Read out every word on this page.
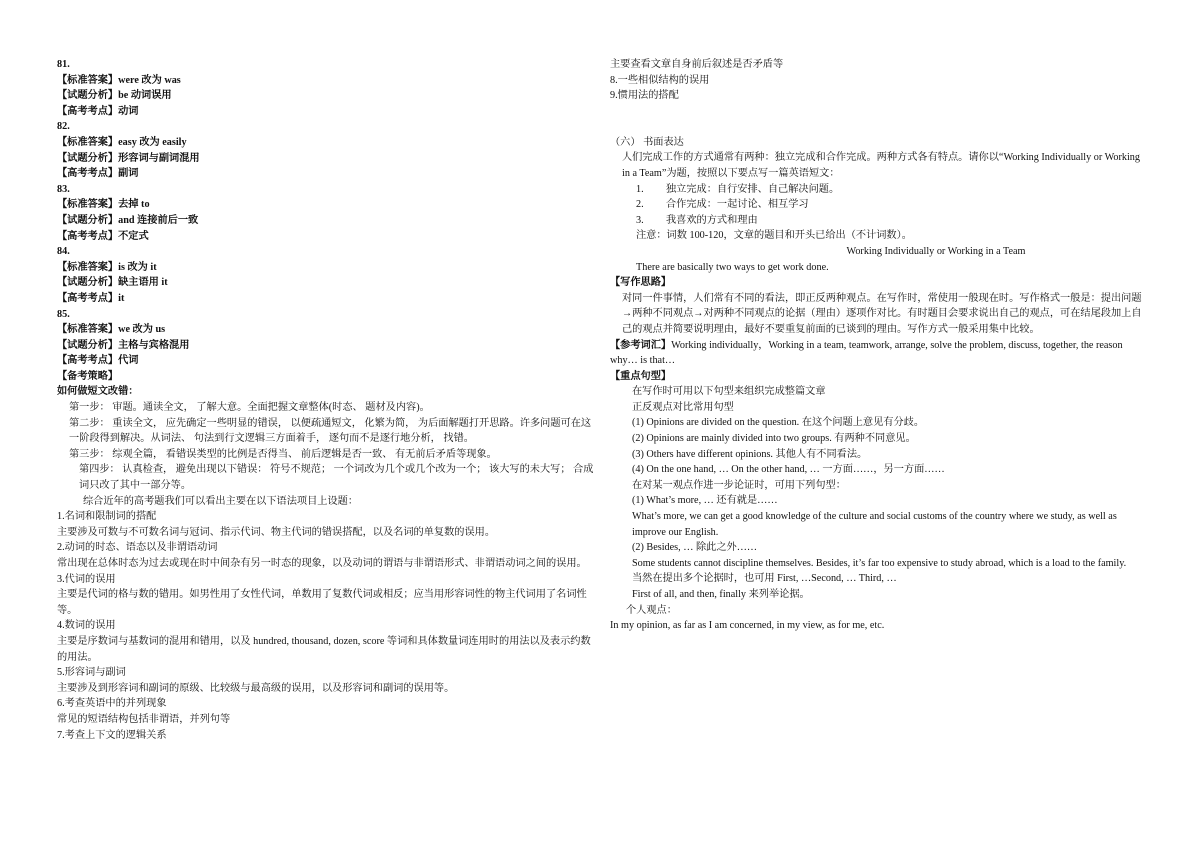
81.
【标准答案】were 改为 was
【试题分析】be 动词误用
【高考考点】动词
82.
【标准答案】easy 改为 easily
【试题分析】形容词与副词混用
【高考考点】副词
83.
【标准答案】去掉 to
【试题分析】and 连接前后一致
【高考考点】不定式
84.
【标准答案】is 改为 it
【试题分析】缺主语用 it
【高考考点】it
85.
【标准答案】we 改为 us
【试题分析】主格与宾格混用
【高考考点】代词
【备考策略】
如何做短文改错：
第一步： 审题。通读全文， 了解大意。全面把握文章整体(时态、 题材及内容)。
第二步： 重读全文， 应先确定一些明显的错误， 以便疏通短文， 化繁为简， 为后面解题打开思路。许多问题可在这一阶段得到解决。从词法、 句法到行文逻辑三方面着手， 逐句而不是逐行地分析， 找错。
第三步： 综观全篇， 看错误类型的比例是否得当、 前后逻辑是否一致、 有无前后矛盾等现象。
第四步： 认真检查， 避免出现以下错误： 符号不规范； 一个词改为几个或几个改为一个； 该大写的未大写； 合成词只改了其中一部分等。
综合近年的高考题我们可以看出主要在以下语法项目上设题：
1.名词和限制词的搭配
主要涉及可数与不可数名词与冠词、指示代词、物主代词的错误搭配，以及名词的单复数的误用。
2.动词的时态、语态以及非谓语动词
常出现在总体时态为过去或现在时中间杂有另一时态的现象，以及动词的谓语与非谓语形式、非谓语动词之间的误用。
3.代词的误用
主要是代词的格与数的错用。如男性用了女性代词，单数用了复数代词或相反；应当用形容词性的物主代词用了名词性等。
4.数词的误用
主要是序数词与基数词的混用和错用，以及 hundred, thousand, dozen, score 等词和具体数量词连用时的用法以及表示约数的用法。
5.形容词与副词
主要涉及到形容词和副词的原级、比较级与最高级的误用，以及形容词和副词的误用等。
6.考查英语中的并列现象
常见的短语结构包括非谓语，并列句等
7.考查上下文的逻辑关系
主要查看文章自身前后叙述是否矛盾等
8.一些相似结构的误用
9.惯用法的搭配
（六） 书面表达
人们完成工作的方式通常有两种：独立完成和合作完成。两种方式各有特点。请你以“Working Individually or Working in a Team”为题，按照以下要点写一篇英语短文：
1. 独立完成：自行安排、自己解决问题。
2. 合作完成：一起讨论、相互学习
3. 我喜欢的方式和理由
注意：词数 100-120，文章的题目和开头已给出（不计词数）。
Working Individually or Working in a Team
There are basically two ways to get work done.
【写作思路】
对同一件事情，人们常有不同的看法，即正反两种观点。在写作时，常使用一般现在时。写作格式一般是：提出问题→两种不同观点→对两种不同观点的论据（理由）逐项作对比。有时题目会要求说出自己的观点，可在结尾段加上自己的观点并简要说明理由，最好不要重复前面的已谈到的理由。写作方式一般采用集中比较。
【参考词汇】Working individually，Working in a team, teamwork, arrange, solve the problem, discuss, together, the reason why… is that…
【重点句型】
在写作时可用以下句型来组织完成整篇文章
正反观点对比常用句型
(1) Opinions are divided on the question. 在这个问题上意见有分歧。
(2) Opinions are mainly divided into two groups. 有两种不同意见。
(3) Others have different opinions. 其他人有不同看法。
(4) On the one hand, … On the other hand, … 一方面……，另一方面……
在对某一观点作进一步论证时，可用下列句型：
(1) What’s more, … 还有就是……
What’s more, we can get a good knowledge of the culture and social customs of the country where we study, as well as improve our English.
(2) Besides, … 除此之外……
Some students cannot discipline themselves. Besides, it’s far too expensive to study abroad, which is a load to the family.
当然在提出多个论据时，也可用 First, …Second, … Third, …
First of all, and then, finally 来列举论据。
个人观点：
In my opinion, as far as I am concerned, in my view, as for me, etc.
